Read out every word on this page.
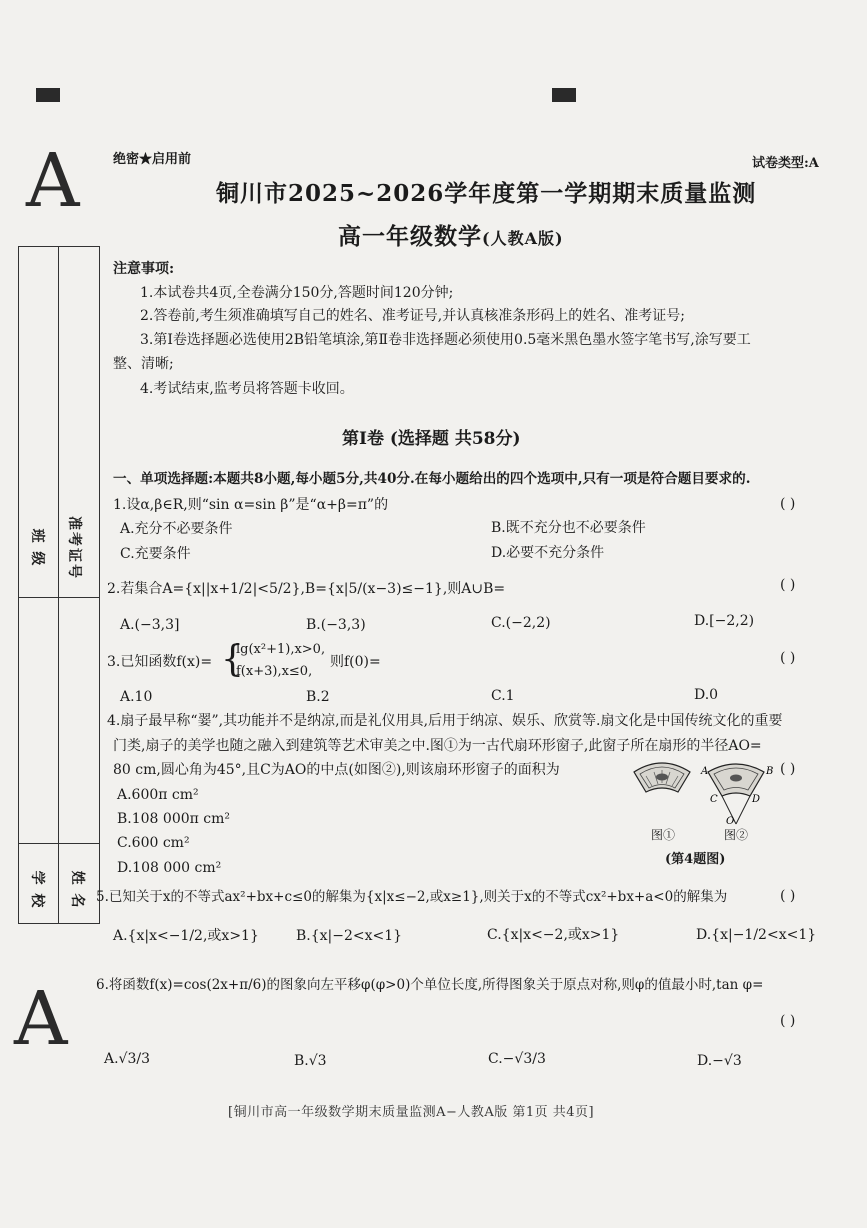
A
A
班 级 准考证号
学 校 姓 名
绝密★启用前	试卷类型:A
铜川市2025~2026学年度第一学期期末质量监测
高一年级数学(人教A版)
注意事项:
1.本试卷共4页,全卷满分150分,答题时间120分钟;
2.答卷前,考生须准确填写自己的姓名、准考证号,并认真核准条形码上的姓名、准考证号;
3.第Ⅰ卷选择题必选使用2B铅笔填涂,第Ⅱ卷非选择题必须使用0.5毫米黑色墨水签字笔书写,涂写要工
整、清晰;
4.考试结束,监考员将答题卡收回。
第Ⅰ卷 (选择题 共58分)
一、单项选择题:本题共8小题,每小题5分,共40分.在每小题给出的四个选项中,只有一项是符合题目要求的.
1.设α,β∈R,则“sin α=sin β”是“α+β=π”的	( )
A.充分不必要条件	B.既不充分也不必要条件
C.充要条件	D.必要不充分条件
2.若集合A={x||x+1/2|<5/2},B={x|5/(x−3)≤−1},则A∪B=	( )
A.(−3,3]	B.(−3,3)	C.(−2,2)	D.[−2,2)
3.已知函数f(x)= {
lg(x²+1),x>0,
f(x+3),x≤0,
则f(0)=	( )
A.10	B.2	C.1	D.0
4.扇子最早称“翣”,其功能并不是纳凉,而是礼仪用具,后用于纳凉、娱乐、欣赏等.扇文化是中国传统文化的重要
门类,扇子的美学也随之融入到建筑等艺术审美之中.图①为一古代扇环形窗子,此窗子所在扇形的半径AO=
80 cm,圆心角为45°,且C为AO的中点(如图②),则该扇环形窗子的面积为	( )
A.600π cm²
B.108 000π cm²
C.600 cm²
D.108 000 cm²
A	B
C	D
O
图①	图②
(第4题图)
5.已知关于x的不等式ax²+bx+c≤0的解集为{x|x≤−2,或x≥1},则关于x的不等式cx²+bx+a<0的解集为	( )
A.{x|x<−1/2,或x>1}	B.{x|−2<x<1}	C.{x|x<−2,或x>1}	D.{x|−1/2<x<1}
6.将函数f(x)=cos(2x+π/6)的图象向左平移φ(φ>0)个单位长度,所得图象关于原点对称,则φ的值最小时,tan φ=
( )
A.√3/3	B.√3	C.−√3/3	D.−√3
[铜川市高一年级数学期末质量监测A−人教A版 第1页 共4页]
